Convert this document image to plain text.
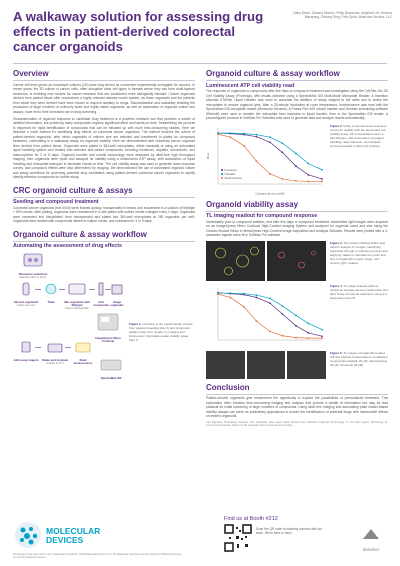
A walkaway solution for assessing drug effects in patient-derived colorectal cancer organoids
Cathy Olsen, Oksana Sirenko, Philip Brackman, Angeline Lim, Krishna Macaraeg, Zhisong Tong, Felix Spira, Molecular Devices, LLC
Overview

Cancer cell lines grown as monolayer cultures (2D) have long served as convenient experimental surrogates for cancers. In recent years, the 3D culture of cancer cells, often alongside other cell types in formats where they can form multi-layered structures, is enabling new models for cancer research that are considered more biologically relevant. Cancer organoids derived from patient tissue offer researchers a highly relevant disease model system, as these organoids and the patients from which they were derived have been shown to respond similarly to drugs. Standardization and scalability enabling the production of large numbers of uniformly sized and highly viable organoids, as well as automation of organoid culture and assays, have led to their increased use in drug screening.

Characterization of organoid response to candidate drug treatment is a powerful research tool that provides a wealth of detailed information, but screening many compounds requires significant effort and hands-on time. Streamlining the process is important for rapid identification of compounds that can be followed up with more time-consuming studies. Here we describe a novel method for identifying drug effects on colorectal cancer organoids. The method involves the culture of patient-derived organoids, after which organoids of uniform size are selected and transferred to plates for compound treatment, culminating in a walkaway assay for organoid viability. Here we demonstrated with colorectal cancer organoid lines derived from patient tissue. Organoids were plated in 384-well microplates, either manually or using an automated liquid handling system and treated with selected anti-cancer compounds, including irinotecan, cisplatin, doxorubicin, and staurosporine for 3 or 5 days. Organoid number and overall morphology were assessed by label-free high throughput imaging, then organoids were lysed and assayed for viability using a luminescent ATP assay, with automation of liquid handling and microplate transport to decrease hands-on time. The cell viability assay was used to generate dose-response curves, and compound effects were also determined by imaging. We demonstrated the use of automated organoid culture and assay workflows for screening potential drug candidates using patient-derived colorectal cancer organoids to rapidly identify effective compounds for further study.

CRC organoid culture & assays
Seeding and compound treatment

Colorectal cancer organoids (line 0040) were thawed quickly, resuspended in media, and suspended in a solution of Matrigel + 50% media. After plating, organoids were maintained in 6-well plates with culture media changed every 3 days. Organoids were harvested and dissociated, then resuspended and plated into 384-well microplates at 250 organoids per well. Organoids were treated with compounds diluted in culture media, and incubated for 3 or 5 days.

Organoid culture & assay workflow
Automating the assessment of drug effects
Bioreactor expansion
Maintain culture in 10 mL
Harvest organoids
Collect and count
Thaw	Mix organoids with Matrigel
Seed in 384-well plate
Add compounds
Image organoids
ImageXpress Micro Confocal
Add assay reagent	Shake and incubate
Incubate at 37°C
Read luminescence
SpectraMax iD5
Figure 1. Overview of the experimental process from organoid seeding (day 0) and compound addition (day 2) to results, by imaging and luminescent microplate reader viability assay (day 7).
Organoid culture & assay workflow
Luminescent ATP cell viability read

The response of organoids to compounds after five days of compound treatment was investigated using the CellTiter-Glo 3D Cell Viability Assay (Promega), with results detected using a SpectraMax iD5 Multi-Mode Microplate Reader. A Hamilton Microlab STARlet Liquid Handler was used to automate the addition of assay reagent to the wells and to shake the microplates to ensure organoid lysis. After a 25-minute incubation at room temperature, luminescence was read with the SpectraMax iD5 microplate reader (Molecular Devices). A Protea Flex 400 robotic handler and Genesis scheduling software (Retisoft) were used to transfer the microplate from incubator to liquid handler, then to the SpectraMax iD5 reader. A preconfigured protocol in SoftMax Pro Software was used to generate data and analyze results automatically.

Compound conc (µM)
RLU
Irinotecan
Cisplatin
Staurosporine
Figure 2. 5-day compound dose-response curves for viability with the automated cell viability assay. All concentrations were 3-fold dilutions, with automation of reagent handling, data collection, and analysis produced results in about 40 minutes.
Organoid viability assay
TL imaging readout for compound response

Immediately prior to compound addition, and after five days of compound treatment, transmitted light images were acquired on an ImageXpress Micro Confocal High-Content Imaging System and analyzed for organoid count and size using the Custom Module Editor in MetaXpress High-Content Image Acquisition and Analysis Software. Results were plotted with a 4-parameter logistic curve fit in SoftMax Pro software.

Figure 3. The Custom Module Editor was used to analyze TL images, identifying organoids through a multi-step process and applying masks to calculate the count and size of organoids in each image. Left: control, right: treated.
Figure 4. TL image analysis (above) plotted as average area per well before and after 5-day compound treatment, using a 4-parameter curve fit.
Figure 5. TL images of organoids treated with the highest concentrations of indicated compounds (cisplatin 20 µM, staurosporine 40 µM, irinotecan 35 µM).
Conclusion

Patient-derived organoids give researchers the opportunity to explore the possibilities of personalized treatment. This exploration often involves time-consuming imaging and analysis that provide a wealth of information but may be less practical for initial screening of large numbers of compounds. Using label-free imaging and automating plate reader-based viability assays can serve as preliminary approaches to screen the identification of potential drugs with measurable effects on treated organoids.

Cell Signaling Technology reagents and Tinyhands were used under license from Hubrecht Organoid Technology. Tv and Ilife Gigorn Technology for commercial purposes. Patent on 3D organoid culture protocols are pending.

MOLECULAR
DEVICES
For Research Use Only. Not for use in diagnostic procedures. ©2023 Molecular Devices, LLC. All trademarks used herein are the property of Molecular Devices, LLC or their respective owners.
Find us at Booth #212
Scan the QR code to instantly connect with our team. We're here to help!
danaher
